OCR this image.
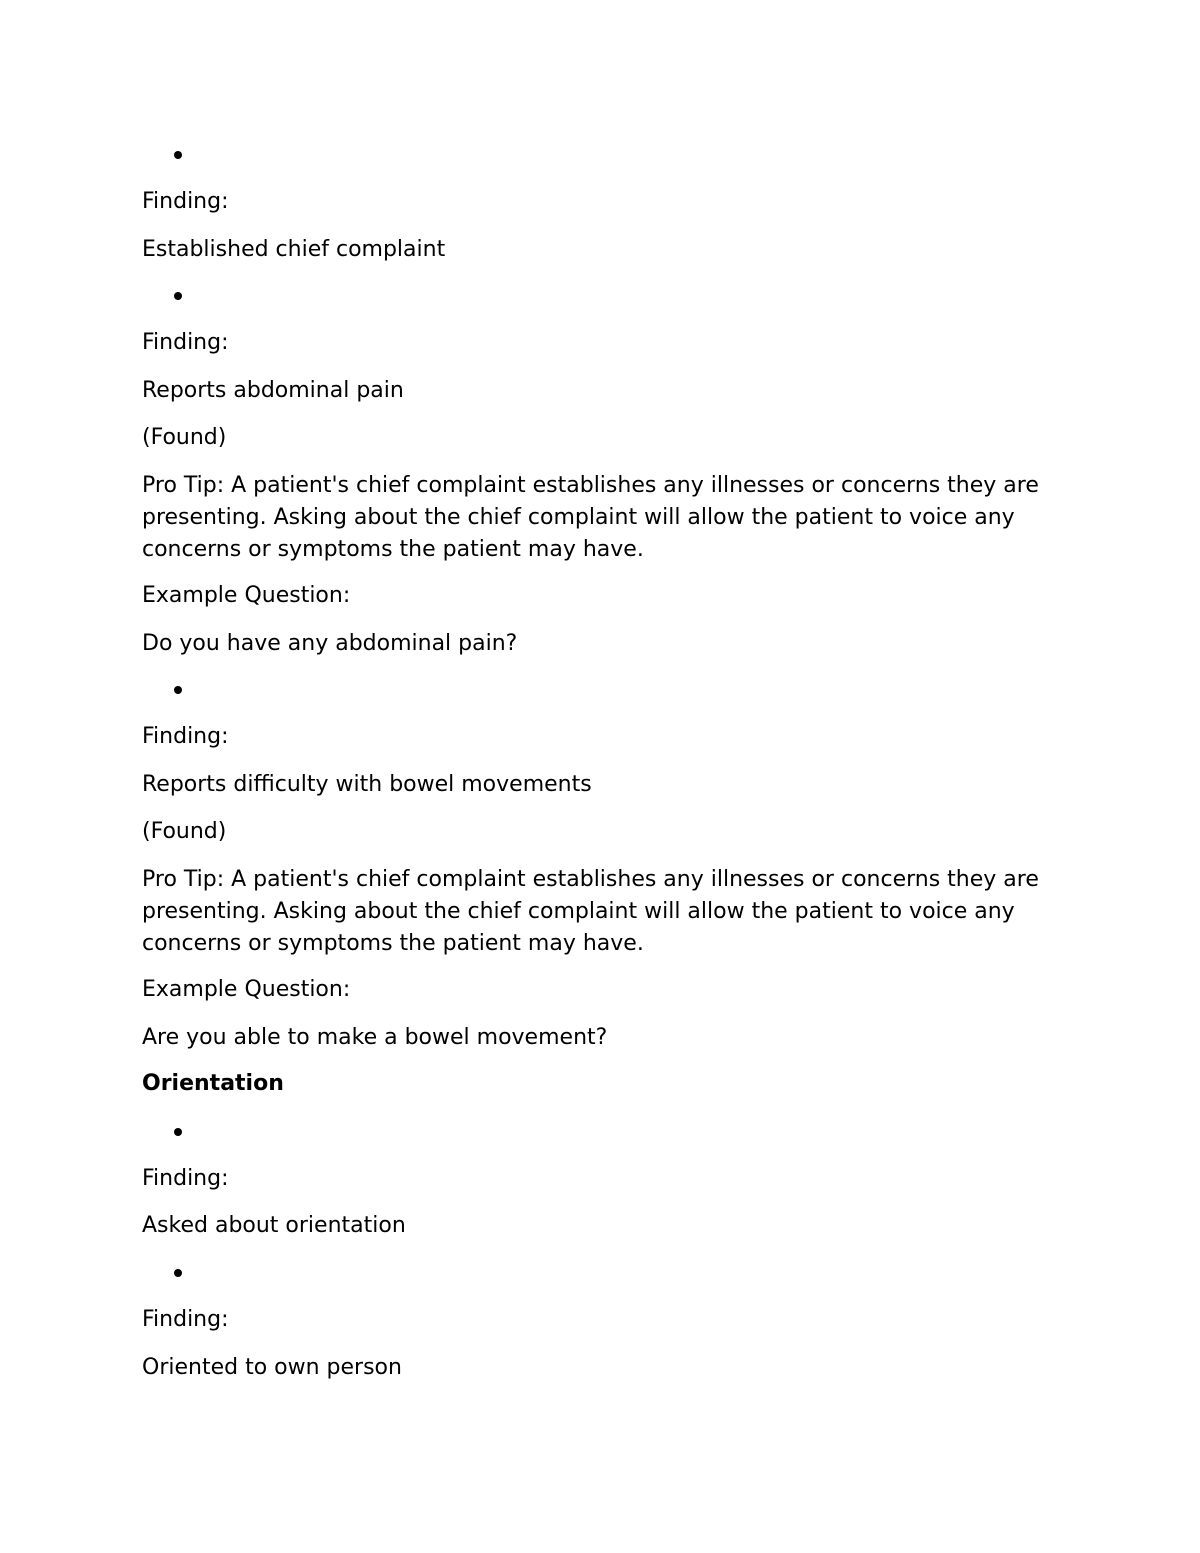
Finding:

Established chief complaint

Finding:

Reports abdominal pain

(Found)

Pro Tip: A patient's chief complaint establishes any illnesses or concerns they are presenting. Asking about the chief complaint will allow the patient to voice any concerns or symptoms the patient may have.

Example Question:

Do you have any abdominal pain?

Finding:

Reports difficulty with bowel movements

(Found)

Pro Tip: A patient's chief complaint establishes any illnesses or concerns they are presenting. Asking about the chief complaint will allow the patient to voice any concerns or symptoms the patient may have.

Example Question:

Are you able to make a bowel movement?

Orientation

Finding:

Asked about orientation

Finding:

Oriented to own person
